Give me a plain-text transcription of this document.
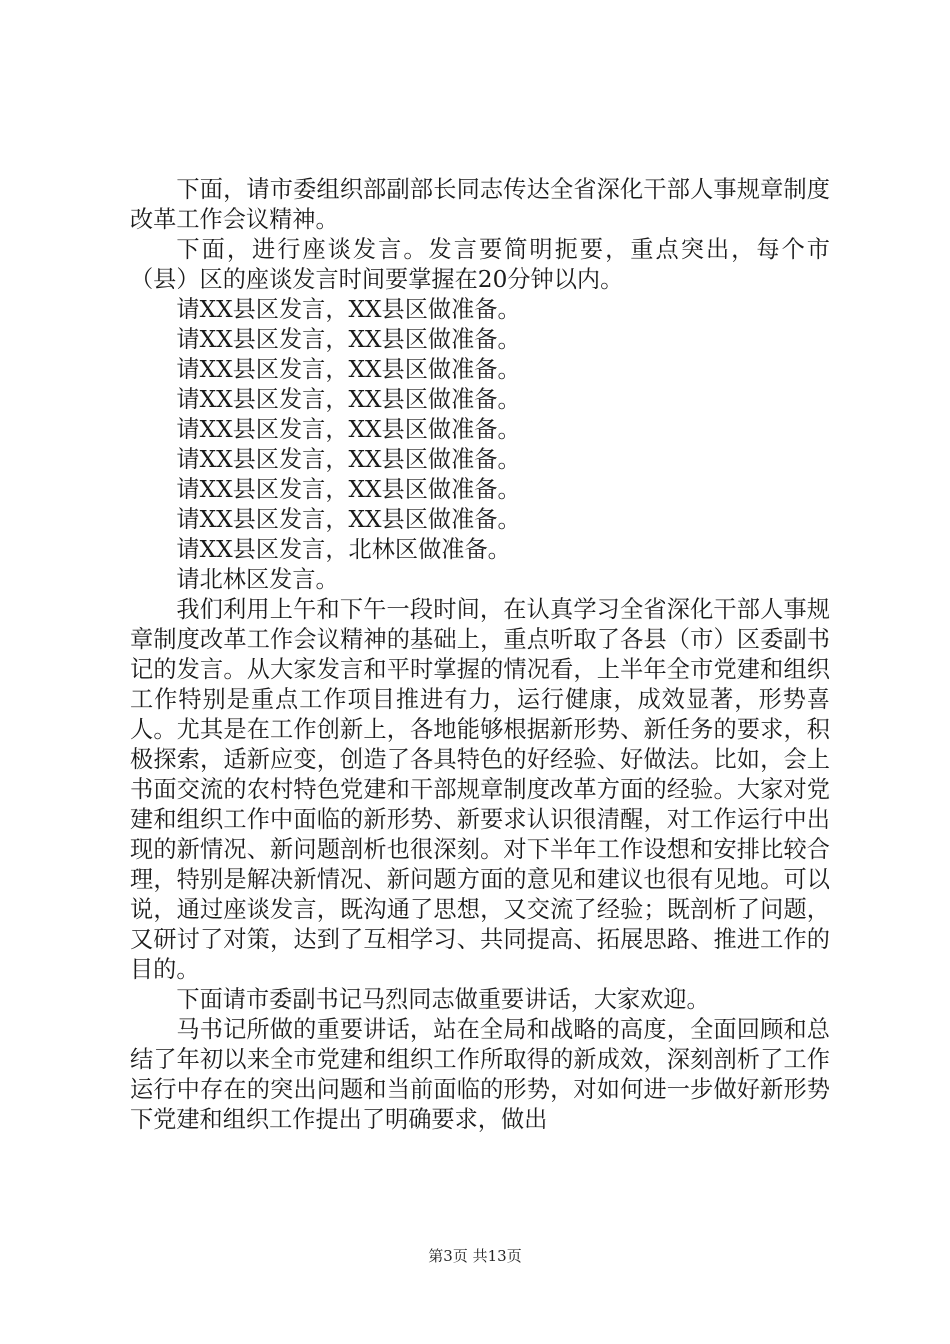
下面，请市委组织部副部长同志传达全省深化干部人事规章制度改革工作会议精神。

下面，进行座谈发言。发言要简明扼要，重点突出，每个市（县）区的座谈发言时间要掌握在20分钟以内。

请XX县区发言，XX县区做准备。

请XX县区发言，XX县区做准备。

请XX县区发言，XX县区做准备。

请XX县区发言，XX县区做准备。

请XX县区发言，XX县区做准备。

请XX县区发言，XX县区做准备。

请XX县区发言，XX县区做准备。

请XX县区发言，XX县区做准备。

请XX县区发言，北林区做准备。

请北林区发言。

我们利用上午和下午一段时间，在认真学习全省深化干部人事规章制度改革工作会议精神的基础上，重点听取了各县（市）区委副书记的发言。从大家发言和平时掌握的情况看，上半年全市党建和组织工作特别是重点工作项目推进有力，运行健康，成效显著，形势喜人。尤其是在工作创新上，各地能够根据新形势、新任务的要求，积极探索，适新应变，创造了各具特色的好经验、好做法。比如，会上书面交流的农村特色党建和干部规章制度改革方面的经验。大家对党建和组织工作中面临的新形势、新要求认识很清醒，对工作运行中出现的新情况、新问题剖析也很深刻。对下半年工作设想和安排比较合理，特别是解决新情况、新问题方面的意见和建议也很有见地。可以说，通过座谈发言，既沟通了思想，又交流了经验；既剖析了问题，又研讨了对策，达到了互相学习、共同提高、拓展思路、推进工作的目的。

下面请市委副书记马烈同志做重要讲话，大家欢迎。

马书记所做的重要讲话，站在全局和战略的高度，全面回顾和总结了年初以来全市党建和组织工作所取得的新成效，深刻剖析了工作运行中存在的突出问题和当前面临的形势，对如何进一步做好新形势下党建和组织工作提出了明确要求，做出

第3页 共13页
